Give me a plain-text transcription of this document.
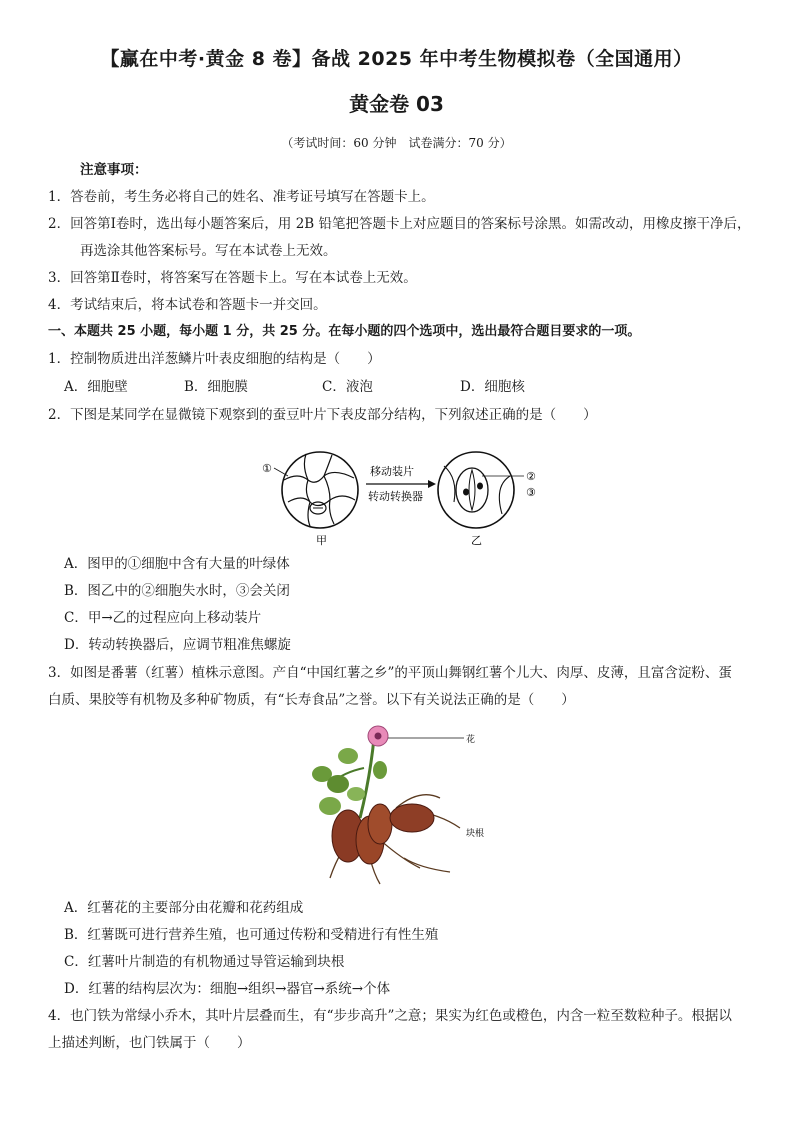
【赢在中考·黄金 8 卷】备战 2025 年中考生物模拟卷（全国通用）
黄金卷 03
（考试时间：60 分钟　试卷满分：70 分）
注意事项：
1．答卷前，考生务必将自己的姓名、准考证号填写在答题卡上。
2．回答第Ⅰ卷时，选出每小题答案后，用 2B 铅笔把答题卡上对应题目的答案标号涂黑。如需改动，用橡皮擦干净后，
再选涂其他答案标号。写在本试卷上无效。
3．回答第Ⅱ卷时，将答案写在答题卡上。写在本试卷上无效。
4．考试结束后，将本试卷和答题卡一并交回。
一、本题共 25 小题，每小题 1 分，共 25 分。在每小题的四个选项中，选出最符合题目要求的一项。
1．控制物质进出洋葱鳞片叶表皮细胞的结构是（　　）
A．细胞壁	B．细胞膜	C．液泡	D．细胞核
2．下图是某同学在显微镜下观察到的蚕豆叶片下表皮部分结构，下列叙述正确的是（　　）
①
甲
移动装片
转动转换器
②
③
乙
A．图甲的①细胞中含有大量的叶绿体
B．图乙中的②细胞失水时，③会关闭
C．甲→乙的过程应向上移动装片
D．转动转换器后，应调节粗准焦螺旋
3．如图是番薯（红薯）植株示意图。产自“中国红薯之乡”的平顶山舞钢红薯个儿大、肉厚、皮薄，且富含淀粉、蛋
白质、果胶等有机物及多种矿物质，有“长寿食品”之誉。以下有关说法正确的是（　　）
花
块根
A．红薯花的主要部分由花瓣和花药组成
B．红薯既可进行营养生殖，也可通过传粉和受精进行有性生殖
C．红薯叶片制造的有机物通过导管运输到块根
D．红薯的结构层次为：细胞→组织→器官→系统→个体
4．也门铁为常绿小乔木，其叶片层叠而生，有“步步高升”之意；果实为红色或橙色，内含一粒至数粒种子。根据以
上描述判断，也门铁属于（　　）
